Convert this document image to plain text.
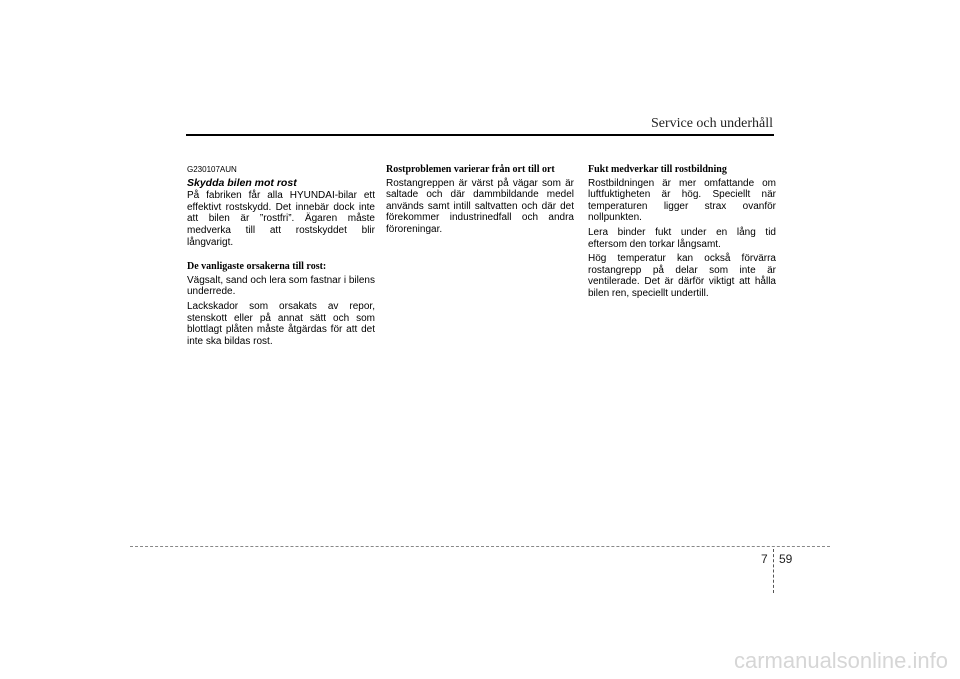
Service och underhåll
G230107AUN
Skydda bilen mot rost

På fabriken får alla HYUNDAI-bilar ett effektivt rostskydd. Det innebär dock inte att bilen är ”rostfri”. Ägaren måste medverka till att rostskyddet blir långvarigt.

De vanligaste orsakerna till rost:

Vägsalt, sand och lera som fastnar i bilens underrede.

Lackskador som orsakats av repor, stenskott eller på annat sätt och som blottlagt plåten måste åtgärdas för att det inte ska bildas rost.

Rostproblemen varierar från ort till ort

Rostangreppen är värst på vägar som är saltade och där dammbildande medel används samt intill saltvatten och där det förekommer industrinedfall och andra föroreningar.

Fukt medverkar till rostbildning

Rostbildningen är mer omfattande om luftfuktigheten är hög. Speciellt när temperaturen ligger strax ovanför nollpunkten.

Lera binder fukt under en lång tid eftersom den torkar långsamt.

Hög temperatur kan också förvärra rostangrepp på delar som inte är ventilerade. Det är därför viktigt att hålla bilen ren, speciellt undertill.

7 59
carmanualsonline.info
